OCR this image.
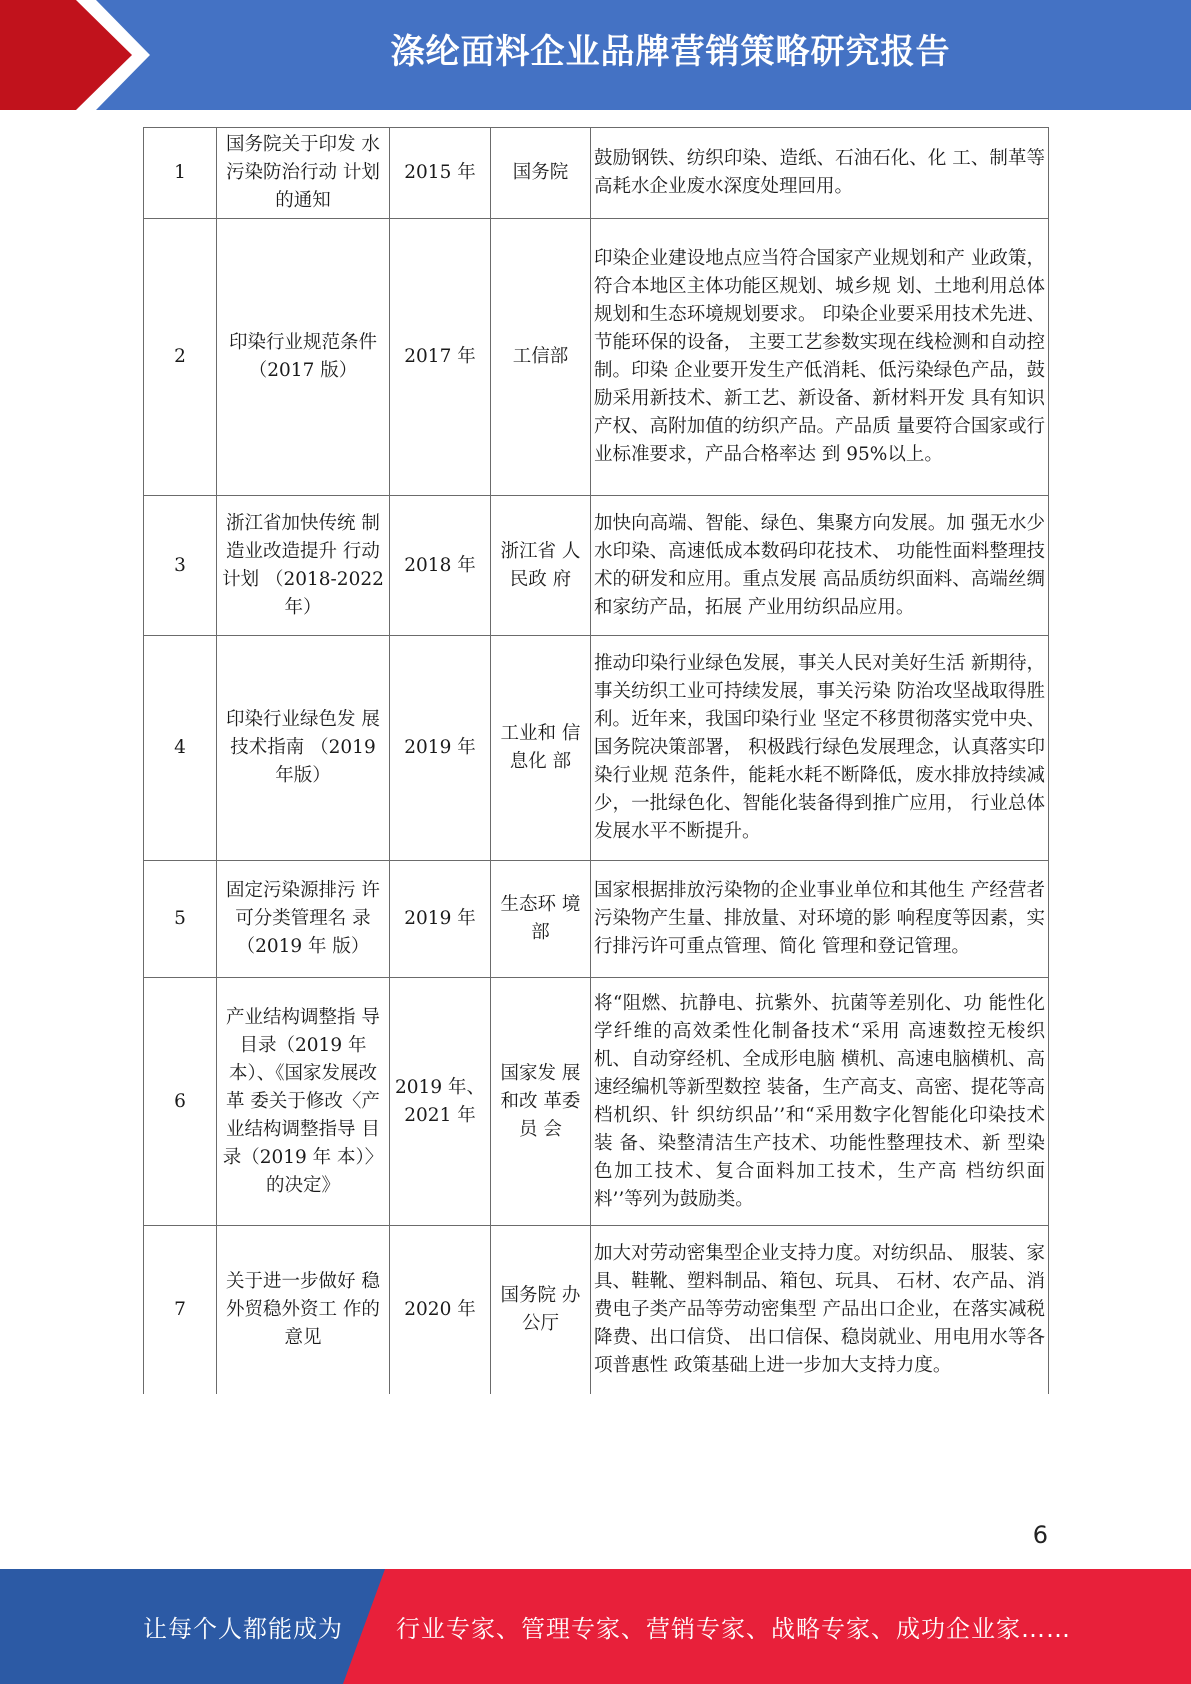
涤纶面料企业品牌营销策略研究报告
1	国务院关于印发 水污染防治行动 计划的通知	2015 年	国务院	鼓励钢铁、纺织印染、造纸、石油石化、化 工、制革等高耗水企业废水深度处理回用。
2	印染行业规范条件（2017 版）	2017 年	工信部	印染企业建设地点应当符合国家产业规划和产 业政策，符合本地区主体功能区规划、城乡规 划、土地利用总体规划和生态环境规划要求。 印染企业要采用技术先进、节能环保的设备， 主要工艺参数实现在线检测和自动控制。印染 企业要开发生产低消耗、低污染绿色产品，鼓 励采用新技术、新工艺、新设备、新材料开发 具有知识产权、高附加值的纺织产品。产品质 量要符合国家或行业标准要求，产品合格率达 到 95%以上。
3	浙江省加快传统 制造业改造提升 行动计划 （2018-2022 年）	2018 年	浙江省 人民政 府	加快向高端、智能、绿色、集聚方向发展。加 强无水少水印染、高速低成本数码印花技术、 功能性面料整理技术的研发和应用。重点发展 高品质纺织面料、高端丝绸和家纺产品，拓展 产业用纺织品应用。
4	印染行业绿色发 展技术指南 （2019 年版）	2019 年	工业和 信息化 部	推动印染行业绿色发展，事关人民对美好生活 新期待，事关纺织工业可持续发展，事关污染 防治攻坚战取得胜利。近年来，我国印染行业 坚定不移贯彻落实党中央、国务院决策部署， 积极践行绿色发展理念，认真落实印染行业规 范条件，能耗水耗不断降低，废水排放持续减 少，一批绿色化、智能化装备得到推广应用， 行业总体发展水平不断提升。
5	固定污染源排污 许可分类管理名 录（2019 年 版）	2019 年	生态环 境部	国家根据排放污染物的企业事业单位和其他生 产经营者污染物产生量、排放量、对环境的影 响程度等因素，实行排污许可重点管理、简化 管理和登记管理。
6	产业结构调整指 导目录（2019 年 本）、《国家发展改革 委关于修改〈产 业结构调整指导 目录（2019 年 本）〉的决定》	2019 年、 2021 年	国家发 展和改 革委员 会	将“阻燃、抗静电、抗紫外、抗菌等差别化、功 能性化学纤维的高效柔性化制备技术“采用 高速数控无梭织机、自动穿经机、全成形电脑 横机、高速电脑横机、高速经编机等新型数控 装备，生产高支、高密、提花等高档机织、针 织纺织品’’和“采用数字化智能化印染技术装 备、染整清洁生产技术、功能性整理技术、新 型染色加工技术、复合面料加工技术，生产高 档纺织面料’’等列为鼓励类。
7	关于进一步做好 稳外贸稳外资工 作的意见	2020 年	国务院 办公厅	加大对劳动密集型企业支持力度。对纺织品、 服装、家具、鞋靴、塑料制品、箱包、玩具、 石材、农产品、消费电子类产品等劳动密集型 产品出口企业，在落实减税降费、出口信贷、 出口信保、稳岗就业、用电用水等各项普惠性 政策基础上进一步加大支持力度。
6
让每个人都能成为 行业专家、管理专家、营销专家、战略专家、成功企业家……
